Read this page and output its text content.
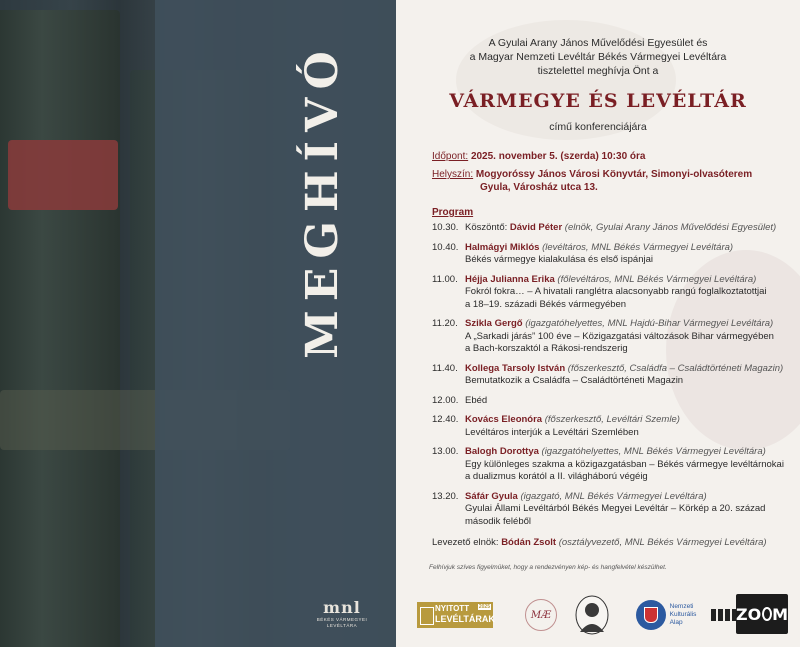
MEGHÍVÓ
mnl
BÉKÉS VÁRMEGYEI LEVÉLTÁRA
A Gyulai Arany János Művelődési Egyesület és
a Magyar Nemzeti Levéltár Békés Vármegyei Levéltára
tisztelettel meghívja Önt a
VÁRMEGYE ÉS LEVÉLTÁR
című konferenciájára
Időpont: 2025. november 5. (szerda) 10:30 óra
Helyszín: Mogyoróssy János Városi Könyvtár, Simonyi-olvasóterem
Gyula, Városház utca 13.
Program
10.30. Köszöntő: Dávid Péter (elnök, Gyulai Arany János Művelődési Egyesület)
10.40. Halmágyi Miklós (levéltáros, MNL Békés Vármegyei Levéltára)
Békés vármegye kialakulása és első ispánjai
11.00. Héjja Julianna Erika (főlevéltáros, MNL Békés Vármegyei Levéltára)
Fokról fokra… – A hivatali ranglétra alacsonyabb rangú foglalkoztatottjai
a 18–19. századi Békés vármegyében
11.20. Szikla Gergő (igazgatóhelyettes, MNL Hajdú-Bihar Vármegyei Levéltára)
A „Sarkadi járás” 100 éve – Közigazgatási változások Bihar vármegyében
a Bach-korszaktól a Rákosi-rendszerig
11.40. Kollega Tarsoly István (főszerkesztő, Családfa – Családtörténeti Magazin)
Bemutatkozik a Családfa – Családtörténeti Magazin
12.00. Ebéd
12.40. Kovács Eleonóra (főszerkesztő, Levéltári Szemle)
Levéltáros interjúk a Levéltári Szemlében
13.00. Balogh Dorottya (igazgatóhelyettes, MNL Békés Vármegyei Levéltára)
Egy különleges szakma a közigazgatásban – Békés vármegye levéltárnokai
a dualizmus korától a II. világháború végéig
13.20. Sáfár Gyula (igazgató, MNL Békés Vármegyei Levéltára)
Gyulai Állami Levéltárból Békés Megyei Levéltár – Körkép a 20. század
második feléből
Levezető elnök: Bódán Zsolt (osztályvezető, MNL Békés Vármegyei Levéltára)
Felhívjuk szíves figyelmüket, hogy a rendezvényen kép- és hangfelvétel készülhet.
NYITOTT
LEVÉLTÁRAK
2025
MÆ
Nemzeti
Kulturális
Alap	ZO M
